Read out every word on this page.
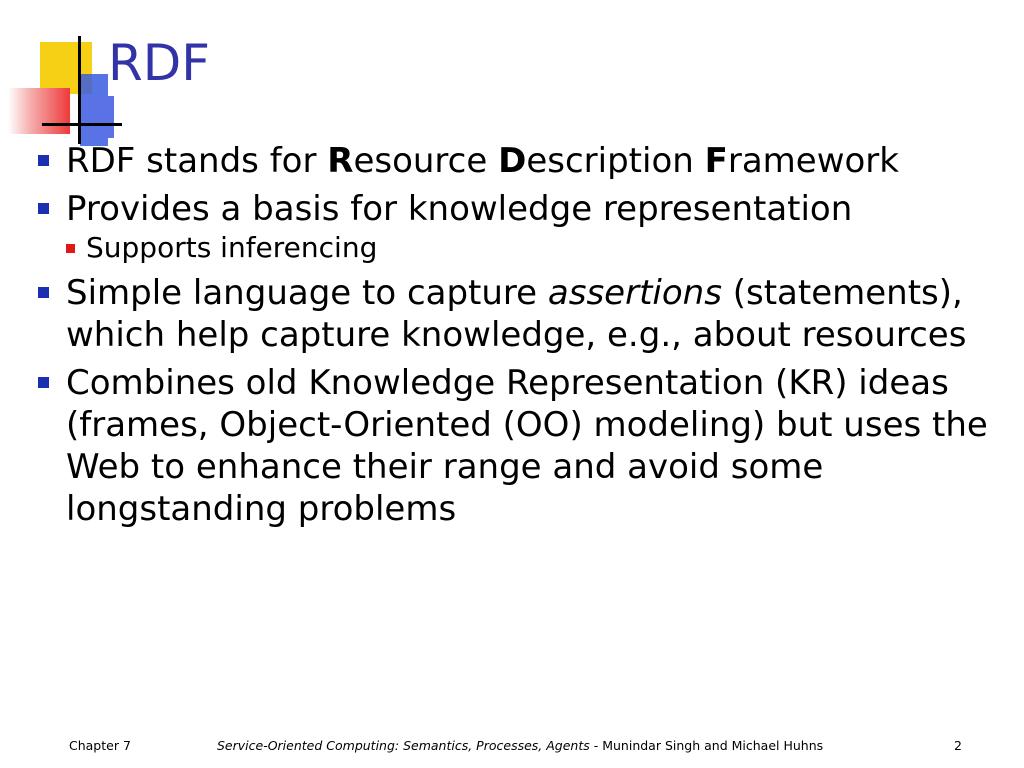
RDF
RDF stands for Resource Description Framework
Provides a basis for knowledge representation
Supports inferencing
Simple language to capture assertions (statements), which help capture knowledge, e.g., about resources
Combines old Knowledge Representation (KR) ideas (frames, Object-Oriented (OO) modeling) but uses the Web to enhance their range and avoid some longstanding problems
Chapter 7	Service-Oriented Computing: Semantics, Processes, Agents - Munindar Singh and Michael Huhns	2
